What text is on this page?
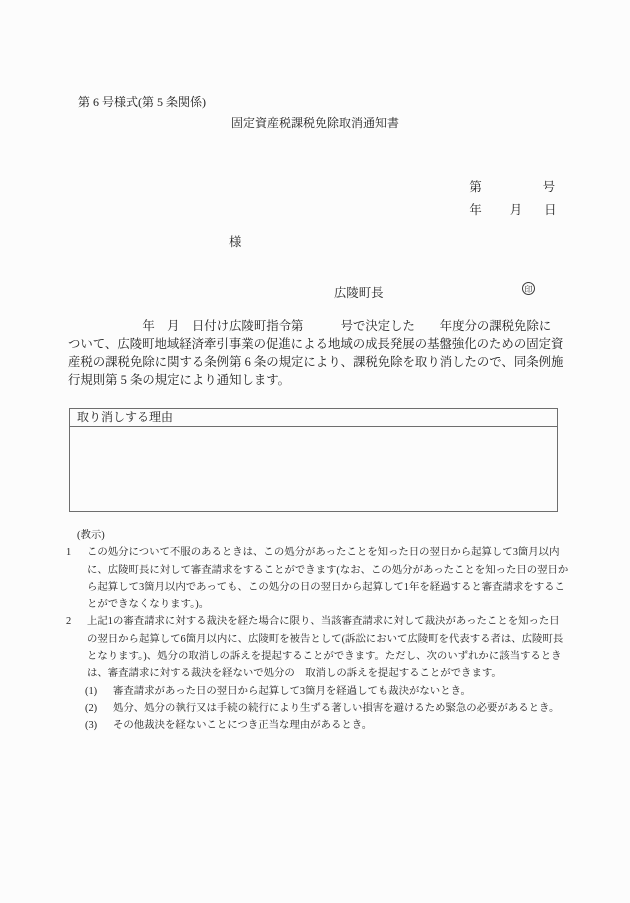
第 6 号様式(第 5 条関係)
固定資産税課税免除取消通知書

第	号

年 月 日

様
広陵町長	印
　　　　　　年　月　日付け広陵町指令第　　　号で決定した　　年度分の課税免除に
ついて、広陵町地域経済牽引事業の促進による地域の成長発展の基盤強化のための固定資
産税の課税免除に関する条例第 6 条の規定により、課税免除を取り消したので、同条例施
行規則第 5 条の規定により通知します。
取り消しする理由
(教示)
1 この処分について不服のあるときは、この処分があったことを知った日の翌日から起算して3箇月以内
に、広陵町長に対して審査請求をすることができます(なお、この処分があったことを知った日の翌日か
ら起算して3箇月以内であっても、この処分の日の翌日から起算して1年を経過すると審査請求をするこ
とができなくなります。)。
2 上記1の審査請求に対する裁決を経た場合に限り、当該審査請求に対して裁決があったことを知った日
の翌日から起算して6箇月以内に、広陵町を被告として(訴訟において広陵町を代表する者は、広陵町長
となります。)、処分の取消しの訴えを提起することができます。ただし、次のいずれかに該当するとき
は、審査請求に対する裁決を経ないで処分の　取消しの訴えを提起することができます。
(1) 審査請求があった日の翌日から起算して3箇月を経過しても裁決がないとき。
(2) 処分、処分の執行又は手続の続行により生ずる著しい損害を避けるため緊急の必要があるとき。
(3) その他裁決を経ないことにつき正当な理由があるとき。
